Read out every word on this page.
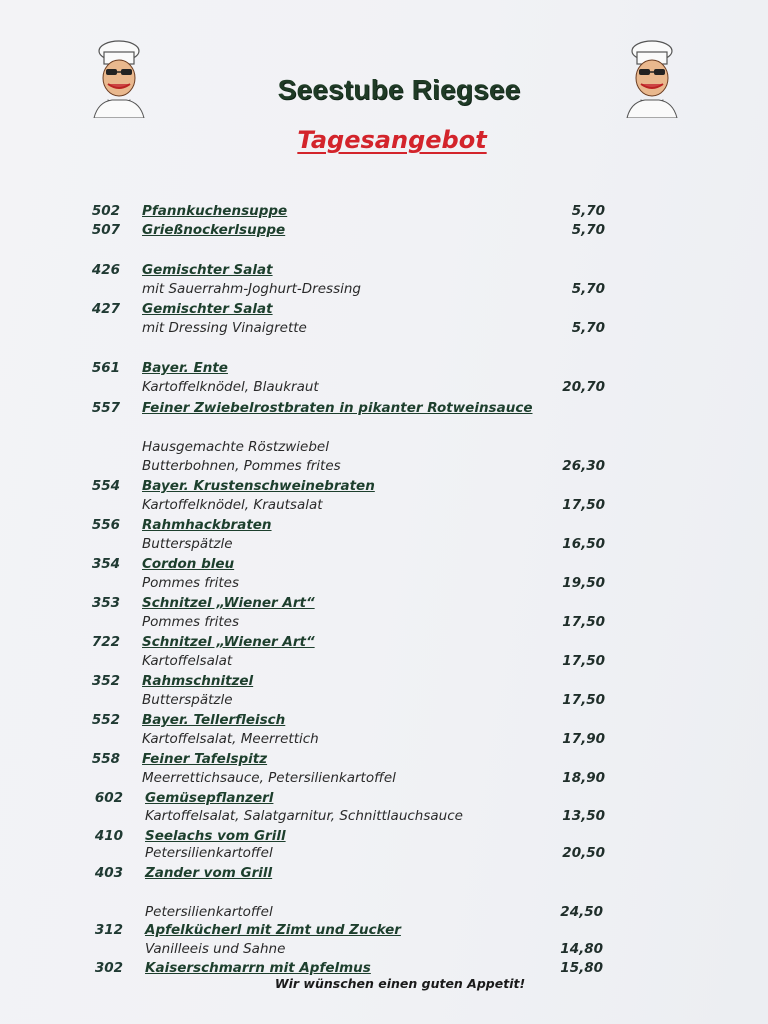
Seestube Riegsee
Tagesangebot
502 Pfannkuchensuppe	5,70
507 Grießnockerlsuppe	5,70
426 Gemischter Salat
mit Sauerrahm-Joghurt-Dressing	5,70
427 Gemischter Salat
mit Dressing Vinaigrette	5,70
561 Bayer. Ente
Kartoffelknödel, Blaukraut	20,70
557 Feiner Zwiebelrostbraten in pikanter Rotweinsauce
Hausgemachte Röstzwiebel
Butterbohnen, Pommes frites	26,30
554 Bayer. Krustenschweinebraten
Kartoffelknödel, Krautsalat	17,50
556 Rahmhackbraten
Butterspätzle	16,50
354 Cordon bleu
Pommes frites	19,50
353 Schnitzel „Wiener Art“
Pommes frites	17,50
722 Schnitzel „Wiener Art“
Kartoffelsalat	17,50
352 Rahmschnitzel
Butterspätzle	17,50
552 Bayer. Tellerfleisch
Kartoffelsalat, Meerrettich	17,90
558 Feiner Tafelspitz
Meerrettichsauce, Petersilienkartoffel	18,90
602 Gemüsepflanzerl
Kartoffelsalat, Salatgarnitur, Schnittlauchsauce	13,50
410 Seelachs vom Grill
Petersilienkartoffel	20,50
403 Zander vom Grill
Petersilienkartoffel	24,50
312 Apfelkücherl mit Zimt und Zucker
Vanilleeis und Sahne	14,80
302 Kaiserschmarrn mit Apfelmus	15,80
Wir wünschen einen guten Appetit!
